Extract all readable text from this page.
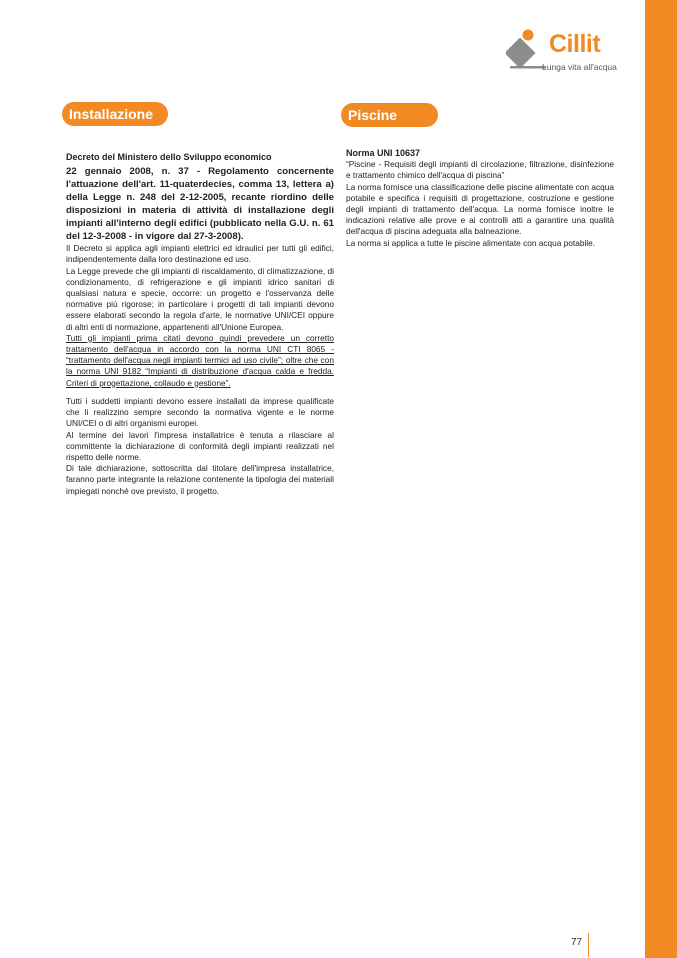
Cillit
Lunga vita all'acqua
Installazione	Piscine

Decreto del Ministero dello Sviluppo economico

22 gennaio 2008, n. 37 - Regolamento concernente l'attuazione dell'art. 11-quaterdecies, comma 13, lettera a) della Legge n. 248 del 2-12-2005, recante riordino delle disposizioni in materia di attività di installazione degli impianti all'interno degli edifici (pubblicato nella G.U. n. 61 del 12-3-2008 - in vigore dal 27-3-2008).

Il Decreto si applica agli impianti elettrici ed idraulici per tutti gli edifici, indipendentemente dalla loro destinazione ed uso.

La Legge prevede che gli impianti di riscaldamento, di climatizzazione, di condizionamento, di refrigerazione e gli impianti idrico sanitari di qualsiasi natura e specie, occorre: un progetto e l'osservanza delle normative più rigorose; in particolare i progetti di tali impianti devono essere elaborati secondo la regola d'arte, le normative UNI/CEI oppure di altri enti di normazione, appartenenti all'Unione Europea.

Tutti gli impianti prima citati devono quindi prevedere un corretto trattamento dell'acqua in accordo con la norma UNI CTI 8065 - “trattamento dell'acqua negli impianti termici ad uso civile”; oltre che con la norma UNI 9182 “Impianti di distribuzione d'acqua calda e fredda. Criteri di progettazione, collaudo e gestione”.

Tutti i suddetti impianti devono essere installati da imprese qualificate che li realizzino sempre secondo la normativa vigente e le norme UNI/CEI o di altri organismi europei.

Al termine dei lavori l'impresa installatrice è tenuta a rilasciare al committente la dichiarazione di conformità degli impianti realizzati nel rispetto delle norme.

Di tale dichiarazione, sottoscritta dal titolare dell'impresa installatrice, faranno parte integrante la relazione contenente la tipologia dei materiali impiegati nonché ove previsto, il progetto.

Norma UNI 10637

“Piscine - Requisiti degli impianti di circolazione, filtrazione, disinfezione e trattamento chimico dell'acqua di piscina”

La norma fornisce una classificazione delle piscine alimentate con acqua potabile e specifica i requisiti di progettazione, costruzione e gestione degli impianti di trattamento dell'acqua. La norma fornisce inoltre le indicazioni relative alle prove e ai controlli atti a garantire una qualità dell'acqua di piscina adeguata alla balneazione.

La norma si applica a tutte le piscine alimentate con acqua potabile.

77
